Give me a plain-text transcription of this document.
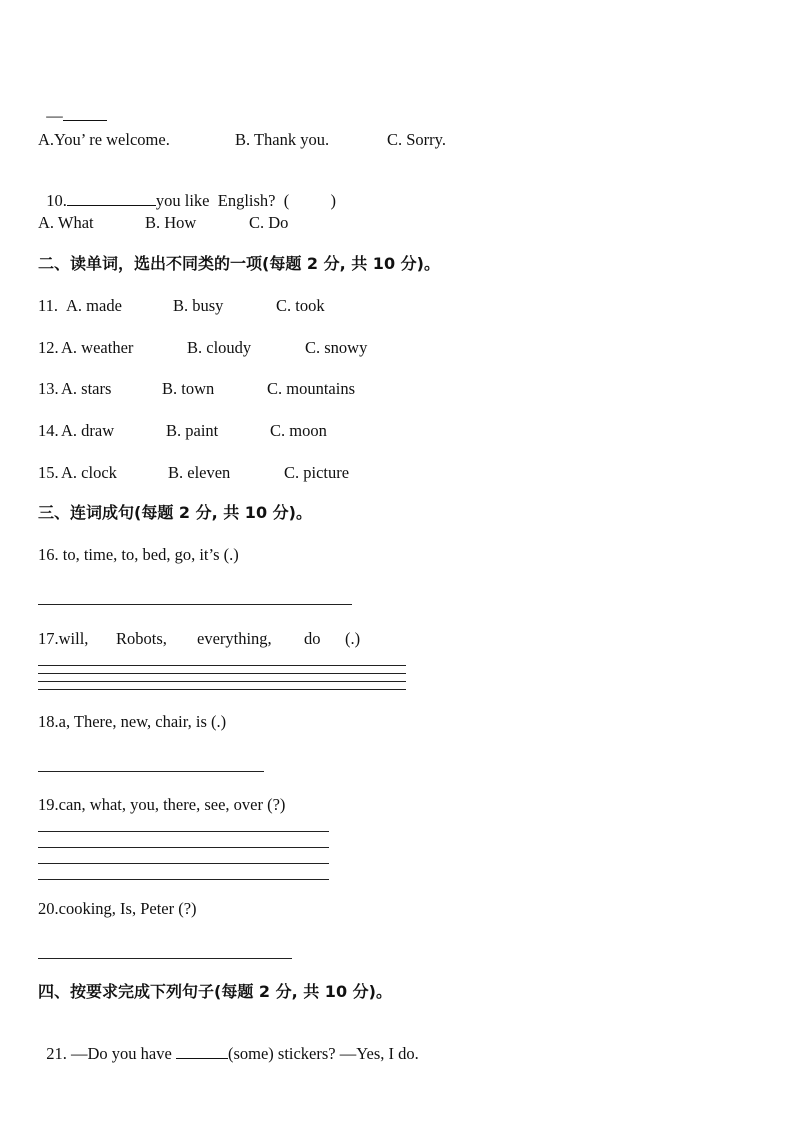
—

A.You’ re welcome.	B. Thank you.	C. Sorry.

10.	you like  English?  (          )

A. What	B. How	C. Do
二、读单词，选出不同类的一项(每题 2 分, 共 10 分)。
11. A. made	B. busy	C. took
12. A. weather	B. cloudy	C. snowy
13. A. stars	B. town	C. mountains
14. A. draw	B. paint	C. moon
15. A. clock	B. eleven	C. picture
三、连词成句(每题 2 分, 共 10 分)。
16. to, time, to, bed, go, it’s (.)
17.will, Robots, everything, do (.)
18.a, There, new, chair, is (.)
19.can, what, you, there, see, over (?)
20.cooking, Is, Peter (?)
四、按要求完成下列句子(每题 2 分, 共 10 分)。

21. —Do you have	(some) stickers? —Yes, I do.
